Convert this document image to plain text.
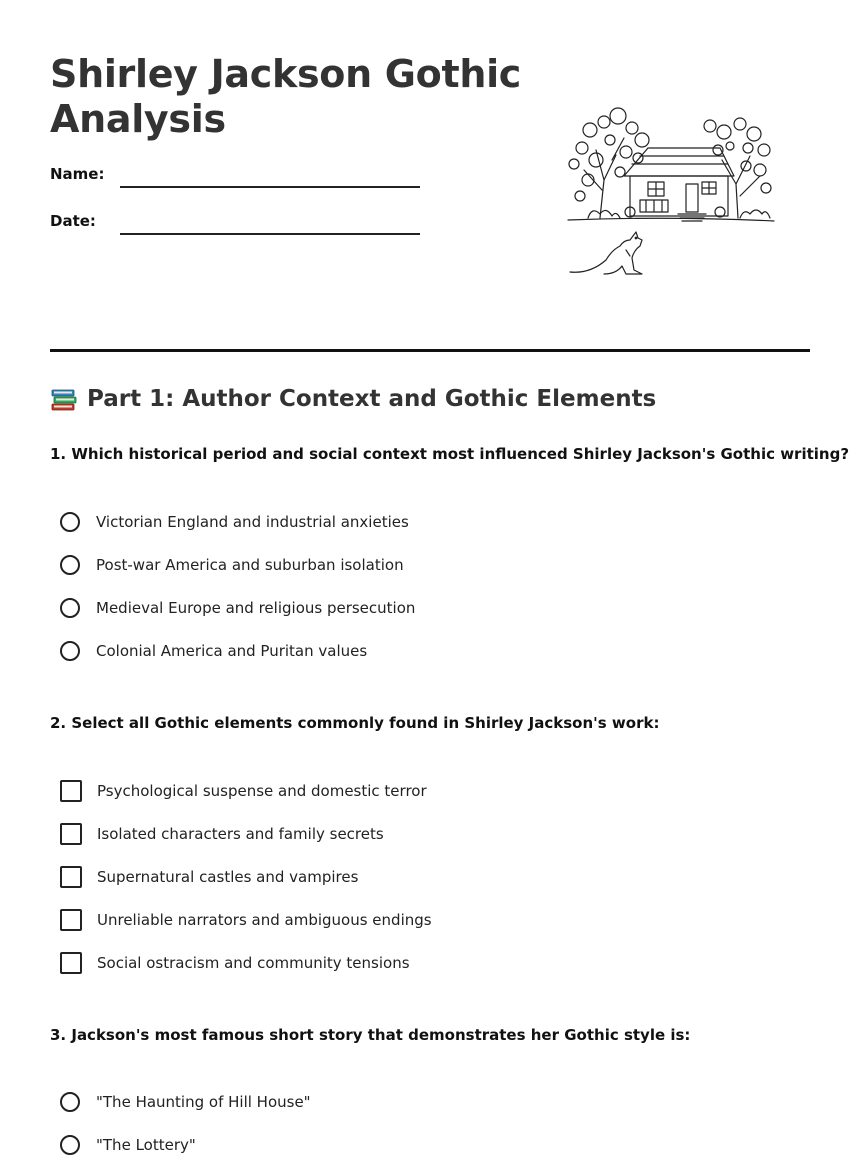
Shirley Jackson Gothic Analysis
Name:
Date:
Part 1: Author Context and Gothic Elements

1. Which historical period and social context most influenced Shirley Jackson's Gothic writing?

Victorian England and industrial anxieties
Post-war America and suburban isolation
Medieval Europe and religious persecution
Colonial America and Puritan values

2. Select all Gothic elements commonly found in Shirley Jackson's work:

Psychological suspense and domestic terror
Isolated characters and family secrets
Supernatural castles and vampires
Unreliable narrators and ambiguous endings
Social ostracism and community tensions

3. Jackson's most famous short story that demonstrates her Gothic style is:

"The Haunting of Hill House"
"The Lottery"
